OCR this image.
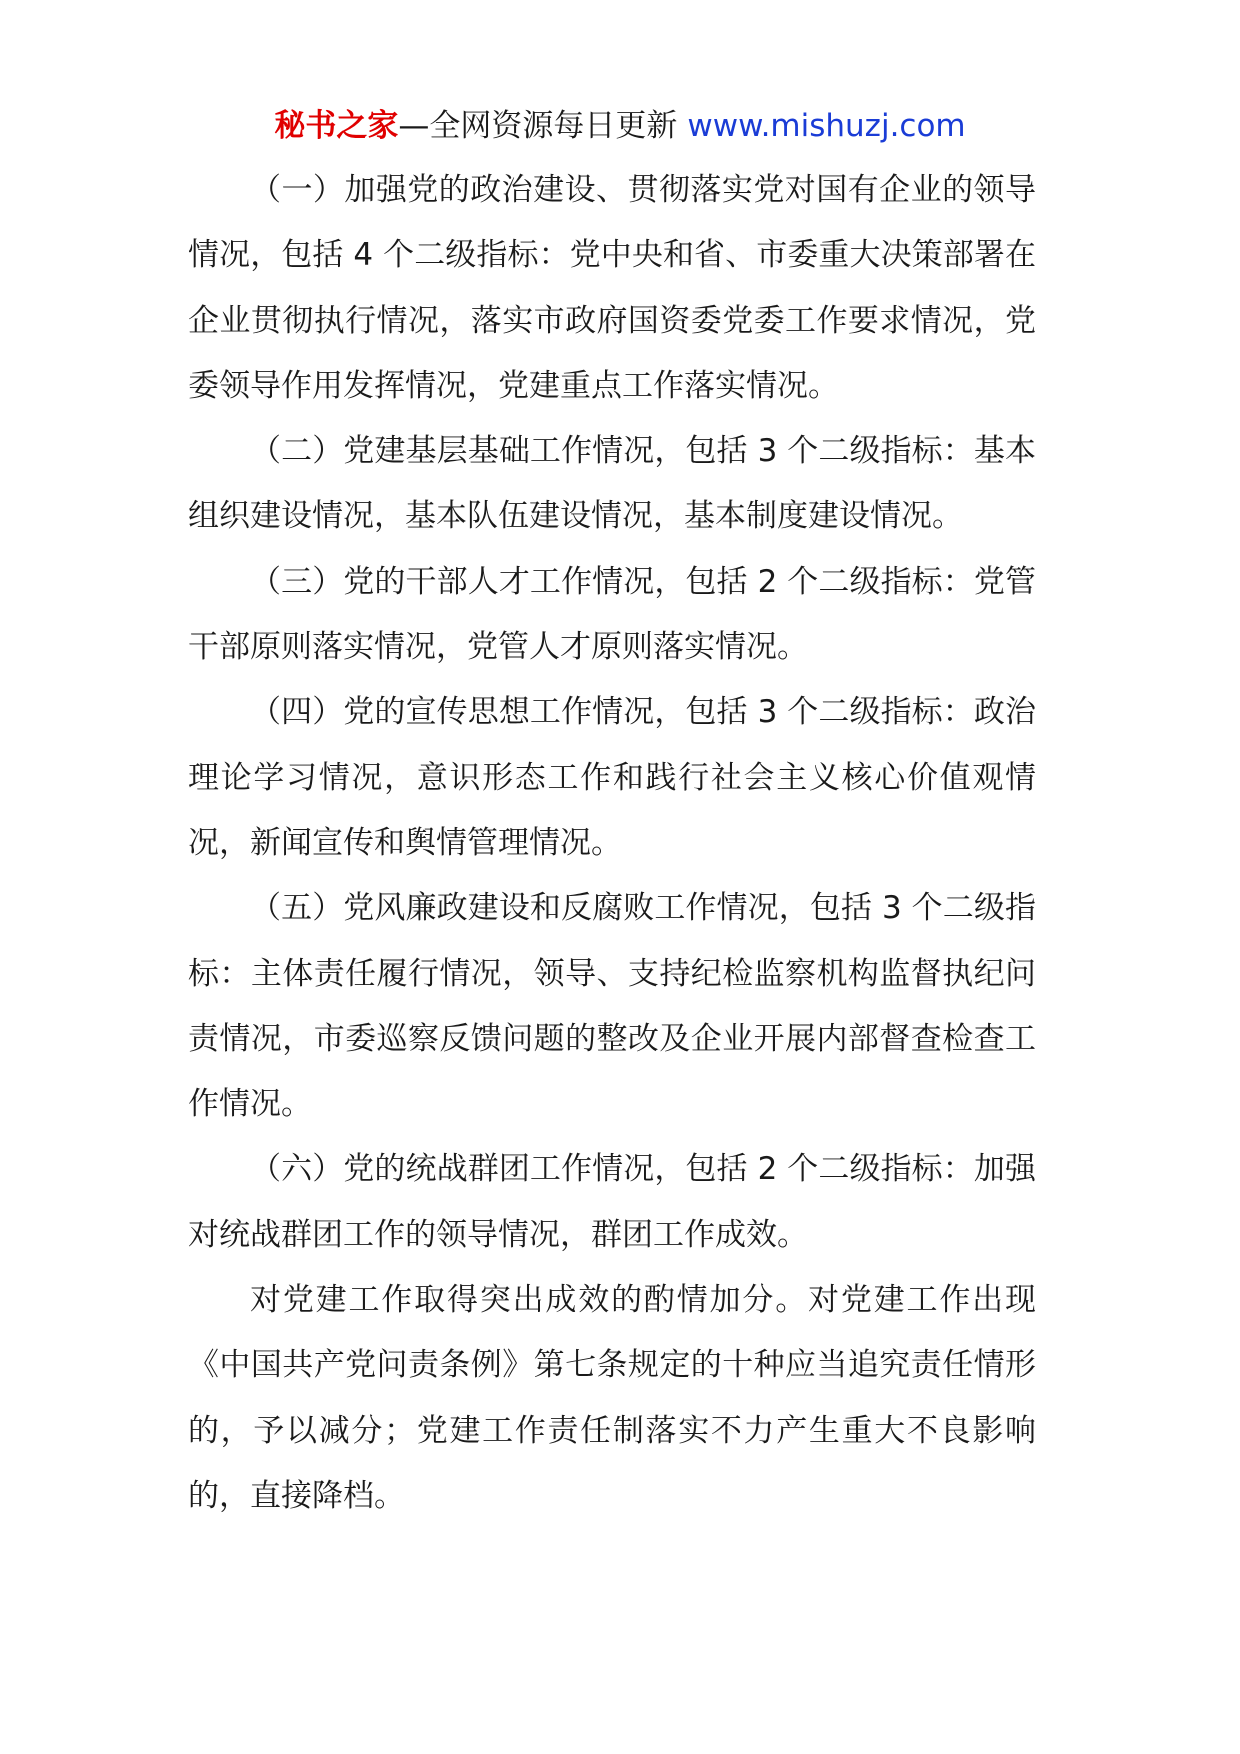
秘书之家—全网资源每日更新 www.mishuzj.com

（一）加强党的政治建设、贯彻落实党对国有企业的领导情况，包括 4 个二级指标：党中央和省、市委重大决策部署在企业贯彻执行情况，落实市政府国资委党委工作要求情况，党委领导作用发挥情况，党建重点工作落实情况。

（二）党建基层基础工作情况，包括 3 个二级指标：基本组织建设情况，基本队伍建设情况，基本制度建设情况。

（三）党的干部人才工作情况，包括 2 个二级指标：党管干部原则落实情况，党管人才原则落实情况。

（四）党的宣传思想工作情况，包括 3 个二级指标：政治理论学习情况，意识形态工作和践行社会主义核心价值观情况，新闻宣传和舆情管理情况。

（五）党风廉政建设和反腐败工作情况，包括 3 个二级指标：主体责任履行情况，领导、支持纪检监察机构监督执纪问责情况，市委巡察反馈问题的整改及企业开展内部督查检查工作情况。

（六）党的统战群团工作情况，包括 2 个二级指标：加强对统战群团工作的领导情况，群团工作成效。

对党建工作取得突出成效的酌情加分。对党建工作出现《中国共产党问责条例》第七条规定的十种应当追究责任情形的，予以减分；党建工作责任制落实不力产生重大不良影响的，直接降档。
